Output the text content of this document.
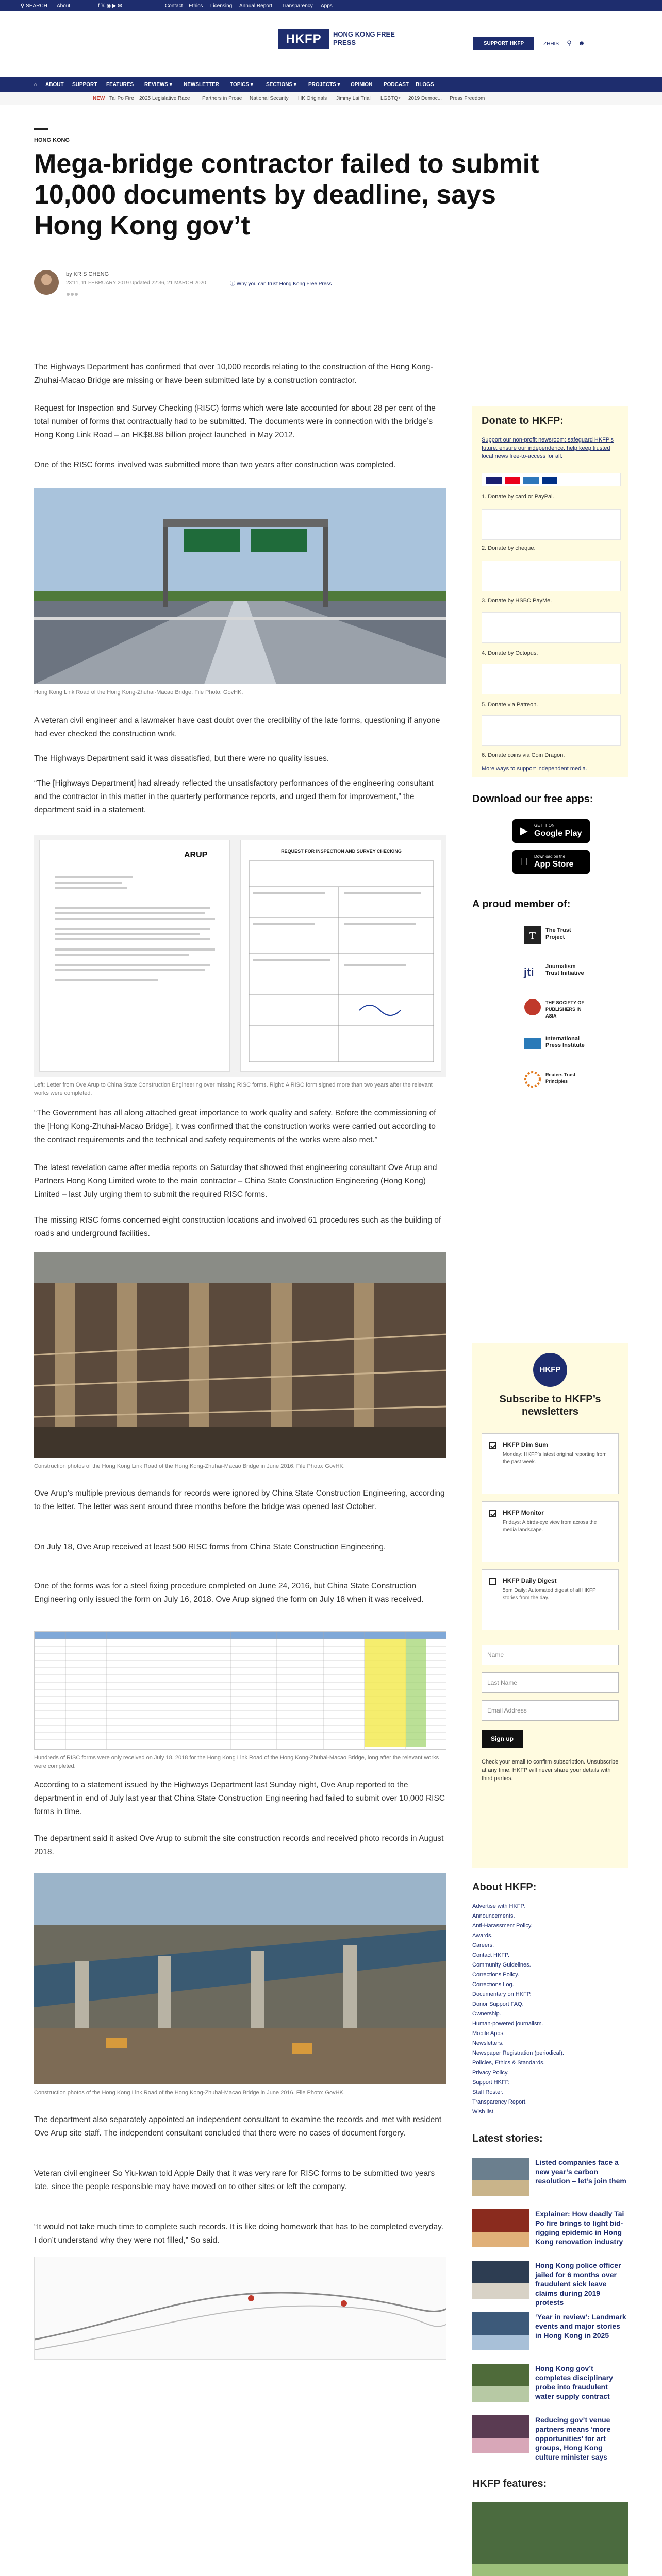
⚲ SEARCH About	f 𝕏 ◉ ▶ ✉	Contact Ethics Licensing Annual Report Transparency Apps
HKFP	HONG KONG FREE PRESS	SUPPORT HKFP	ZHHIS ⚲ ☻
⌂ ABOUT SUPPORT FEATURES REVIEWS ▾ NEWSLETTER TOPICS ▾	SECTIONS ▾ PROJECTS ▾ OPINION PODCAST BLOGS
NEW Tai Po Fire 2025 Legislative Race Partners in Prose National Security HK Originals Jimmy Lai Trial LGBTQ+ 2019 Democ... Press Freedom
HONG KONG
Mega-bridge contractor failed to submit 10,000 documents by deadline, says Hong Kong gov’t
by KRIS CHENG
23:11, 11 FEBRUARY 2019 Updated 22:36, 21 MARCH 2020	ⓘ Why you can trust Hong Kong Free Press

The Highways Department has confirmed that over 10,000 records relating to the construction of the Hong Kong-Zhuhai-Macao Bridge are missing or have been submitted late by a construction contractor.

Request for Inspection and Survey Checking (RISC) forms which were late accounted for about 28 per cent of the total number of forms that contractually had to be submitted. The documents were in connection with the bridge’s Hong Kong Link Road – an HK$8.88 billion project launched in May 2012.

One of the RISC forms involved was submitted more than two years after construction was completed.

Hong Kong Link Road of the Hong Kong-Zhuhai-Macao Bridge. File Photo: GovHK.

A veteran civil engineer and a lawmaker have cast doubt over the credibility of the late forms, questioning if anyone had ever checked the construction work.

The Highways Department said it was dissatisfied, but there were no quality issues.

“The [Highways Department] had already reflected the unsatisfactory performances of the engineering consultant and the contractor in this matter in the quarterly performance reports, and urged them for improvement,” the department said in a statement.

ARUP	REQUEST FOR INSPECTION AND SURVEY CHECKING
Left: Letter from Ove Arup to China State Construction Engineering over missing RISC forms. Right: A RISC form signed more than two years after the relevant works were completed.

“The Government has all along attached great importance to work quality and safety. Before the commissioning of the [Hong Kong-Zhuhai-Macao Bridge], it was confirmed that the construction works were carried out according to the contract requirements and the technical and safety requirements of the works were also met.”

The latest revelation came after media reports on Saturday that showed that engineering consultant Ove Arup and Partners Hong Kong Limited wrote to the main contractor – China State Construction Engineering (Hong Kong) Limited – last July urging them to submit the required RISC forms.

The missing RISC forms concerned eight construction locations and involved 61 procedures such as the building of roads and underground facilities.

Construction photos of the Hong Kong Link Road of the Hong Kong-Zhuhai-Macao Bridge in June 2016. File Photo: GovHK.

Ove Arup’s multiple previous demands for records were ignored by China State Construction Engineering, according to the letter. The letter was sent around three months before the bridge was opened last October.

On July 18, Ove Arup received at least 500 RISC forms from China State Construction Engineering.

One of the forms was for a steel fixing procedure completed on June 24, 2016, but China State Construction Engineering only issued the form on July 16, 2018. Ove Arup signed the form on July 18 when it was received.

Hundreds of RISC forms were only received on July 18, 2018 for the Hong Kong Link Road of the Hong Kong-Zhuhai-Macao Bridge, long after the relevant works were completed.

According to a statement issued by the Highways Department last Sunday night, Ove Arup reported to the department in end of July last year that China State Construction Engineering had failed to submit over 10,000 RISC forms in time.

The department said it asked Ove Arup to submit the site construction records and received photo records in August 2018.

Construction photos of the Hong Kong Link Road of the Hong Kong-Zhuhai-Macao Bridge in June 2016. File Photo: GovHK.

The department also separately appointed an independent consultant to examine the records and met with resident Ove Arup site staff. The independent consultant concluded that there were no cases of document forgery.

Veteran civil engineer So Yiu-kwan told Apple Daily that it was very rare for RISC forms to be submitted two years late, since the people responsible may have moved on to other sites or left the company.

“It would not take much time to complete such records. It is like doing homework that has to be completed everyday. I don’t understand why they were not filled,” So said.

Donate to HKFP:
Support our non-profit newsroom: safeguard HKFP’s future, ensure our independence, help keep trusted local news free-to-access for all.
1. Donate by card or PayPal.
2. Donate by cheque.
3. Donate by HSBC PayMe.
4. Donate by Octopus.
5. Donate via Patreon.
6. Donate coins via Coin Dragon.
More ways to support independent media.
Download our free apps:
▶	GET IT ON
Google Play
Download on the
App Store
A proud member of:
T The Trust Project
jti Journalism Trust Initiative
THE SOCIETY OF PUBLISHERS IN ASIA
International Press Institute
Reuters Trust Principles
HKFP
Subscribe to HKFP’s newsletters
HKFP Dim Sum
Monday: HKFP’s latest original reporting from the past week.
HKFP Monitor
Fridays: A birds-eye view from across the media landscape.
HKFP Daily Digest
5pm Daily: Automated digest of all HKFP stories from the day.
Name
Last Name
Email Address
Sign up
Check your email to confirm subscription. Unsubscribe at any time. HKFP will never share your details with third parties.
About HKFP:
Advertise with HKFP.
Announcements.
Anti-Harassment Policy.
Awards.
Careers.
Contact HKFP.
Community Guidelines.
Corrections Policy.
Corrections Log.
Documentary on HKFP.
Donor Support FAQ.
Ownership.
Human-powered journalism.
Mobile Apps.
Newsletters.
Newspaper Registration (periodical).
Policies, Ethics & Standards.
Privacy Policy.
Support HKFP.
Staff Roster.
Transparency Report.
Wish list.
Latest stories:
Listed companies face a new year’s carbon resolution – let’s join them
Explainer: How deadly Tai Po fire brings to light bid-rigging epidemic in Hong Kong renovation industry
Hong Kong police officer jailed for 6 months over fraudulent sick leave claims during 2019 protests
‘Year in review’: Landmark events and major stories in Hong Kong in 2025
Hong Kong gov’t completes disciplinary probe into fraudulent water supply contract
Reducing gov’t venue partners means ‘more opportunities’ for art groups, Hong Kong culture minister says
HKFP features:
